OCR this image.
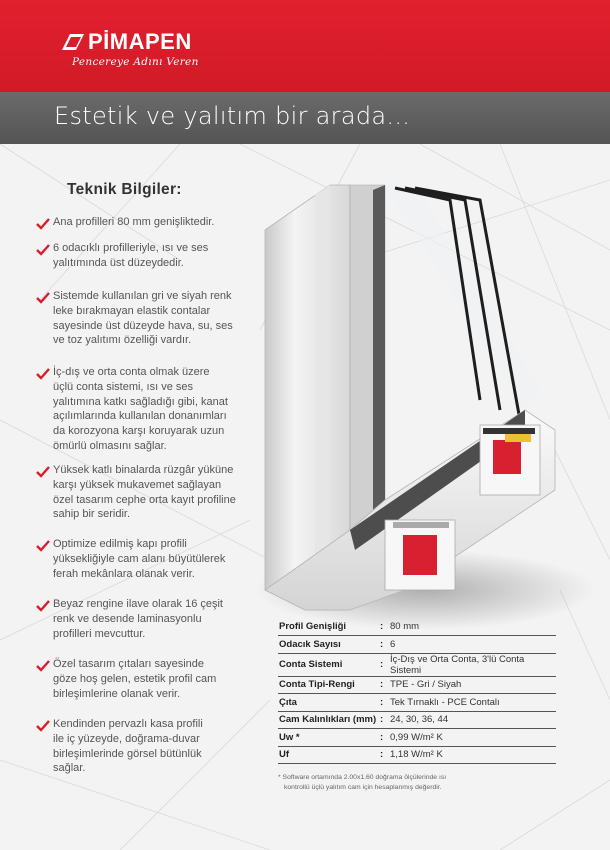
PİMAPEN
Pencereye Adını Veren
Estetik ve yalıtım bir arada...
Teknik Bilgiler:
Ana profilleri 80 mm genişliktedir.
6 odacıklı profilleriyle, ısı ve ses
yalıtımında üst düzeydedir.
Sistemde kullanılan gri ve siyah renk
leke bırakmayan elastik contalar
sayesinde üst düzeyde hava, su, ses
ve toz yalıtımı özelliği vardır.
İç-dış ve orta conta olmak üzere
üçlü conta sistemi, ısı ve ses
yalıtımına katkı sağladığı gibi, kanat
açılımlarında kullanılan donanımları
da korozyona karşı koruyarak uzun
ömürlü olmasını sağlar.
Yüksek katlı binalarda rüzgâr yüküne
karşı yüksek mukavemet sağlayan
özel tasarım cephe orta kayıt profiline
sahip bir seridir.
Optimize edilmiş kapı profili
yüksekliğiyle cam alanı büyütülerek
ferah mekânlara olanak verir.
Beyaz rengine ilave olarak 16 çeşit
renk ve desende laminasyonlu
profilleri mevcuttur.
Özel tasarım çıtaları sayesinde
göze hoş gelen, estetik profil cam
birleşimlerine olanak verir.
Kendinden pervazlı kasa profili
ile iç yüzeyde, doğrama-duvar
birleşimlerinde görsel bütünlük
sağlar.
Profil Genişliği	:	80 mm
Odacık Sayısı	:	6
Conta Sistemi	:	İç-Dış ve Orta Conta, 3'lü Conta Sistemi
Conta Tipi-Rengi	:	TPE - Gri / Siyah
Çıta	:	Tek Tırnaklı - PCE Contalı
Cam Kalınlıkları (mm)	:	24, 30, 36, 44
Uw *	:	0,99 W/m² K
Uf	:	1,18 W/m² K
* Software ortamında 2.00x1.60 doğrama ölçülerinde ısı
kontrollü üçlü yalıtım cam için hesaplanmış değerdir.
